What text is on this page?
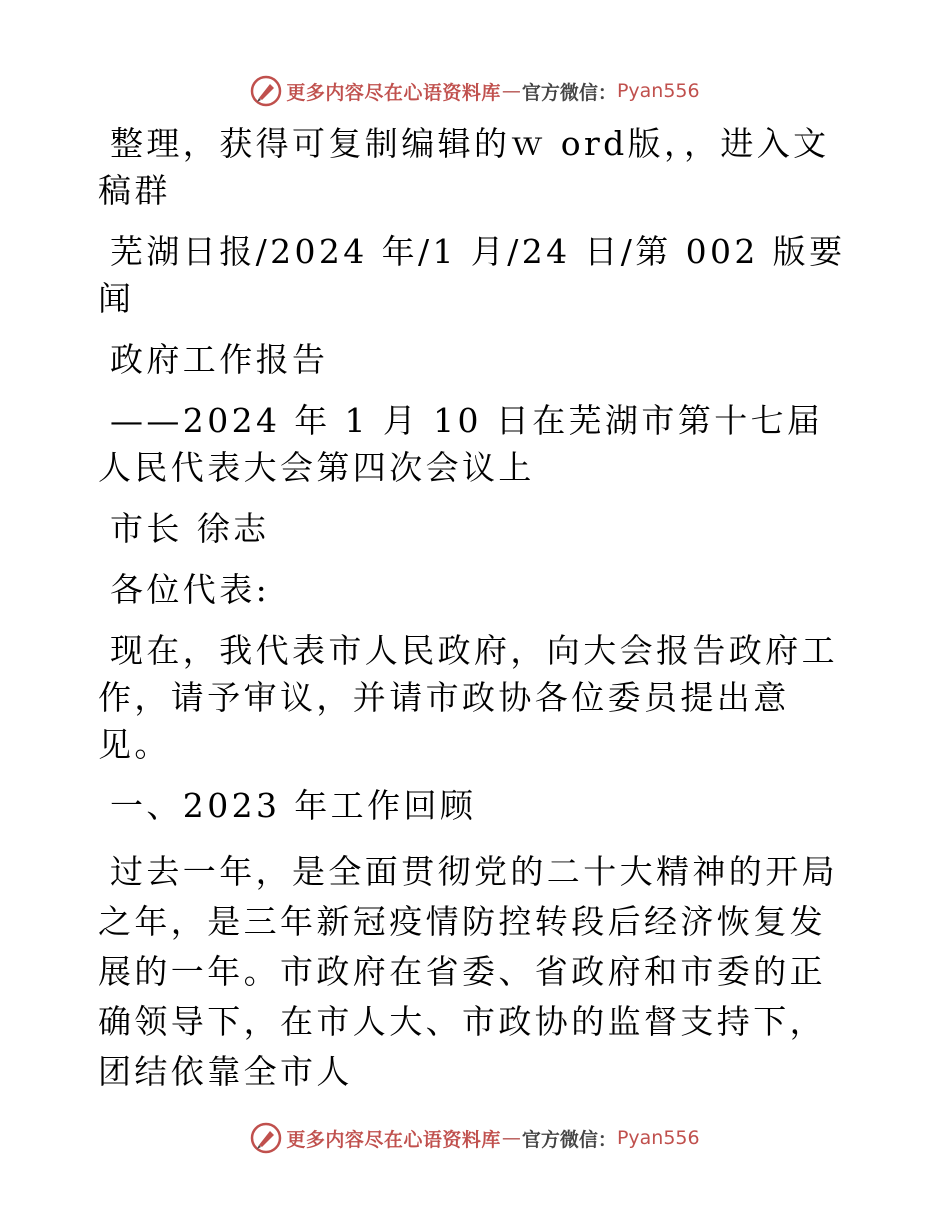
更多内容尽在心语资料库 — 官方微信： Pyan556

整理，获得可复制编辑的ｗ ord版，，进入文稿群

芜湖日报/2024 年/1 月/24 日/第 002 版要闻

政府工作报告

——2024 年 1 月 10 日在芜湖市第十七届人民代表大会第四次会议上

市长 徐志

各位代表:

现在，我代表市人民政府，向大会报告政府工作，请予审议，并请市政协各位委员提出意见。

一、2023 年工作回顾

过去一年，是全面贯彻党的二十大精神的开局之年，是三年新冠疫情防控转段后经济恢复发展的一年。市政府在省委、省政府和市委的正确领导下，在市人大、市政协的监督支持下，团结依靠全市人

更多内容尽在心语资料库 — 官方微信： Pyan556
